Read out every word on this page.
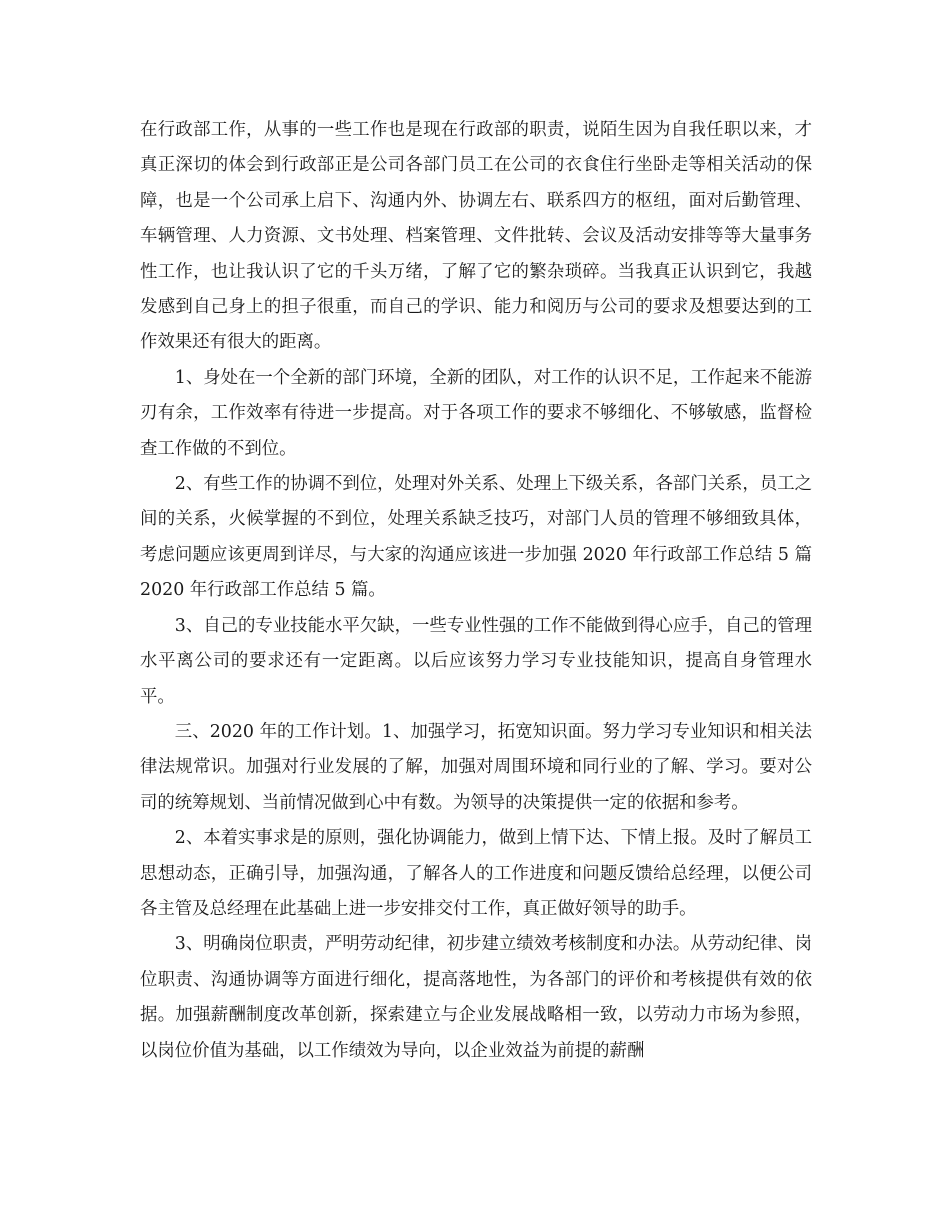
在行政部工作，从事的一些工作也是现在行政部的职责，说陌生因为自我任职以来，才真正深切的体会到行政部正是公司各部门员工在公司的衣食住行坐卧走等相关活动的保障，也是一个公司承上启下、沟通内外、协调左右、联系四方的枢纽，面对后勤管理、车辆管理、人力资源、文书处理、档案管理、文件批转、会议及活动安排等等大量事务性工作，也让我认识了它的千头万绪，了解了它的繁杂琐碎。当我真正认识到它，我越发感到自己身上的担子很重，而自己的学识、能力和阅历与公司的要求及想要达到的工作效果还有很大的距离。

1、身处在一个全新的部门环境，全新的团队，对工作的认识不足，工作起来不能游刃有余，工作效率有待进一步提高。对于各项工作的要求不够细化、不够敏感，监督检查工作做的不到位。

2、有些工作的协调不到位，处理对外关系、处理上下级关系，各部门关系，员工之间的关系，火候掌握的不到位，处理关系缺乏技巧，对部门人员的管理不够细致具体，考虑问题应该更周到详尽，与大家的沟通应该进一步加强 2020 年行政部工作总结 5 篇 2020 年行政部工作总结 5 篇。

3、自己的专业技能水平欠缺，一些专业性强的工作不能做到得心应手，自己的管理水平离公司的要求还有一定距离。以后应该努力学习专业技能知识，提高自身管理水平。

三、2020 年的工作计划。1、加强学习，拓宽知识面。努力学习专业知识和相关法律法规常识。加强对行业发展的了解，加强对周围环境和同行业的了解、学习。要对公司的统筹规划、当前情况做到心中有数。为领导的决策提供一定的依据和参考。

2、本着实事求是的原则，强化协调能力，做到上情下达、下情上报。及时了解员工思想动态，正确引导，加强沟通，了解各人的工作进度和问题反馈给总经理，以便公司各主管及总经理在此基础上进一步安排交付工作，真正做好领导的助手。

3、明确岗位职责，严明劳动纪律，初步建立绩效考核制度和办法。从劳动纪律、岗位职责、沟通协调等方面进行细化，提高落地性，为各部门的评价和考核提供有效的依据。加强薪酬制度改革创新，探索建立与企业发展战略相一致，以劳动力市场为参照，以岗位价值为基础，以工作绩效为导向，以企业效益为前提的薪酬
